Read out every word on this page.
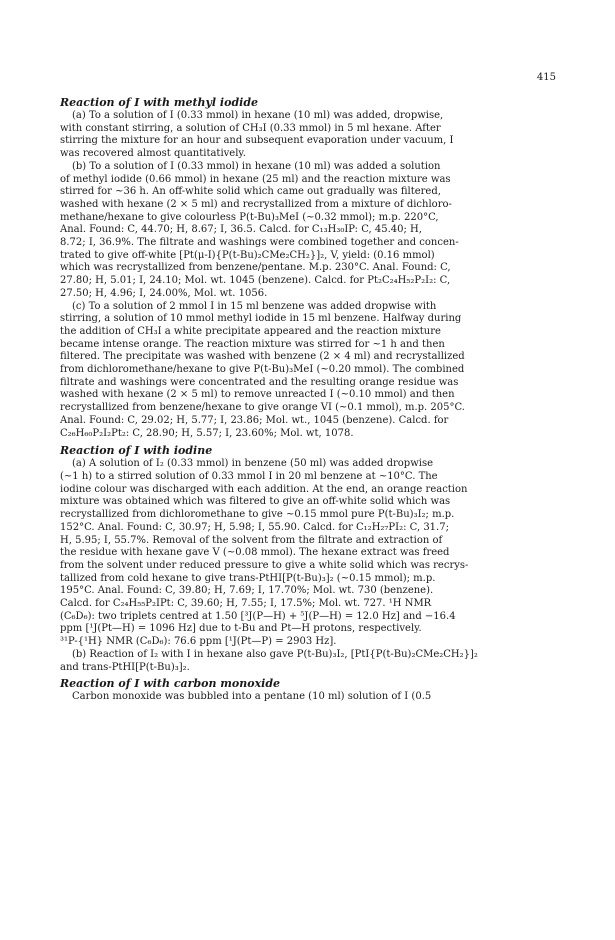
415
Reaction of I with methyl iodide

(a) To a solution of I (0.33 mmol) in hexane (10 ml) was added, dropwise,
with constant stirring, a solution of CH₃I (0.33 mmol) in 5 ml hexane. After
stirring the mixture for an hour and subsequent evaporation under vacuum, I
was recovered almost quantitatively.

(b) To a solution of I (0.33 mmol) in hexane (10 ml) was added a solution
of methyl iodide (0.66 mmol) in hexane (25 ml) and the reaction mixture was
stirred for ~36 h. An off-white solid which came out gradually was filtered,
washed with hexane (2 × 5 ml) and recrystallized from a mixture of dichloro-
methane/hexane to give colourless P(t-Bu)₃MeI (~0.32 mmol); m.p. 220°C,
Anal. Found: C, 44.70; H, 8.67; I, 36.5. Calcd. for C₁₃H₃₀IP: C, 45.40; H,
8.72; I, 36.9%. The filtrate and washings were combined together and concen-
trated to give off-white [Pt(μ-I){P(t-Bu)₂CMe₂CH₂}]₂, V, yield: (0.16 mmol)
which was recrystallized from benzene/pentane. M.p. 230°C. Anal. Found: C,
27.80; H, 5.01; I, 24.10; Mol. wt. 1045 (benzene). Calcd. for Pt₂C₂₄H₅₂P₂I₂: C,
27.50; H, 4.96; I, 24.00%, Mol. wt. 1056.

(c) To a solution of 2 mmol I in 15 ml benzene was added dropwise with
stirring, a solution of 10 mmol methyl iodide in 15 ml benzene. Halfway during
the addition of CH₃I a white precipitate appeared and the reaction mixture
became intense orange. The reaction mixture was stirred for ~1 h and then
filtered. The precipitate was washed with benzene (2 × 4 ml) and recrystallized
from dichloromethane/hexane to give P(t-Bu)₃MeI (~0.20 mmol). The combined
filtrate and washings were concentrated and the resulting orange residue was
washed with hexane (2 × 5 ml) to remove unreacted I (~0.10 mmol) and then
recrystallized from benzene/hexane to give orange VI (~0.1 mmol), m.p. 205°C.
Anal. Found: C, 29.02; H, 5.77; I, 23.86; Mol. wt., 1045 (benzene). Calcd. for
C₂₆H₆₀P₂I₂Pt₂: C, 28.90; H, 5.57; I, 23.60%; Mol. wt, 1078.

Reaction of I with iodine

(a) A solution of I₂ (0.33 mmol) in benzene (50 ml) was added dropwise
(~1 h) to a stirred solution of 0.33 mmol I in 20 ml benzene at ~10°C. The
iodine colour was discharged with each addition. At the end, an orange reaction
mixture was obtained which was filtered to give an off-white solid which was
recrystallized from dichloromethane to give ~0.15 mmol pure P(t-Bu)₃I₂; m.p.
152°C. Anal. Found: C, 30.97; H, 5.98; I, 55.90. Calcd. for C₁₂H₂₇PI₂: C, 31.7;
H, 5.95; I, 55.7%. Removal of the solvent from the filtrate and extraction of
the residue with hexane gave V (~0.08 mmol). The hexane extract was freed
from the solvent under reduced pressure to give a white solid which was recrys-
tallized from cold hexane to give trans-PtHI[P(t-Bu)₃]₂ (~0.15 mmol); m.p.
195°C. Anal. Found: C, 39.80; H, 7.69; I, 17.70%; Mol. wt. 730 (benzene).
Calcd. for C₂₄H₅₅P₂IPt: C, 39.60; H, 7.55; I, 17.5%; Mol. wt. 727. ¹H NMR
(C₆D₆): two triplets centred at 1.50 [³J(P—H) + ⁵J(P—H) = 12.0 Hz] and −16.4
ppm [¹J(Pt—H) = 1096 Hz] due to t-Bu and Pt—H protons, respectively.
³¹P-{¹H} NMR (C₆D₆): 76.6 ppm [¹J(Pt—P) = 2903 Hz].

(b) Reaction of I₂ with I in hexane also gave P(t-Bu)₃I₂, [PtI{P(t-Bu)₂CMe₂CH₂}]₂
and trans-PtHI[P(t-Bu)₃]₂.

Reaction of I with carbon monoxide

Carbon monoxide was bubbled into a pentane (10 ml) solution of I (0.5
